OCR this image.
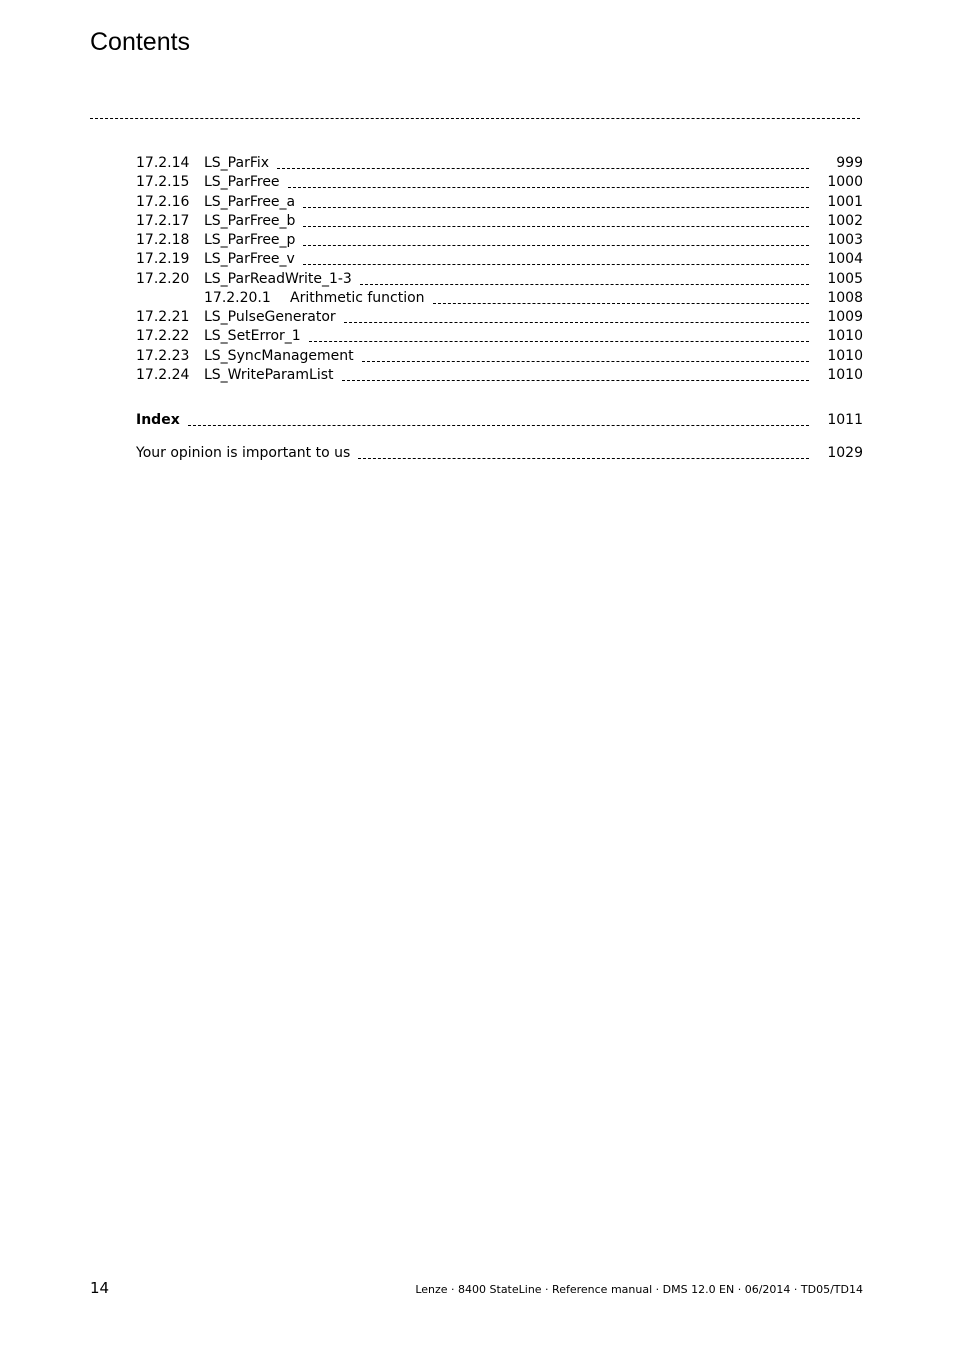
Contents
17.2.14	LS_ParFix	999
17.2.15	LS_ParFree	1000
17.2.16	LS_ParFree_a	1001
17.2.17	LS_ParFree_b	1002
17.2.18	LS_ParFree_p	1003
17.2.19	LS_ParFree_v	1004
17.2.20	LS_ParReadWrite_1-3	1005
17.2.20.1	Arithmetic function	1008
17.2.21	LS_PulseGenerator	1009
17.2.22	LS_SetError_1	1010
17.2.23	LS_SyncManagement	1010
17.2.24	LS_WriteParamList	1010
Index	1011
Your opinion is important to us	1029
14	Lenze · 8400 StateLine · Reference manual · DMS 12.0 EN · 06/2014 · TD05/TD14
